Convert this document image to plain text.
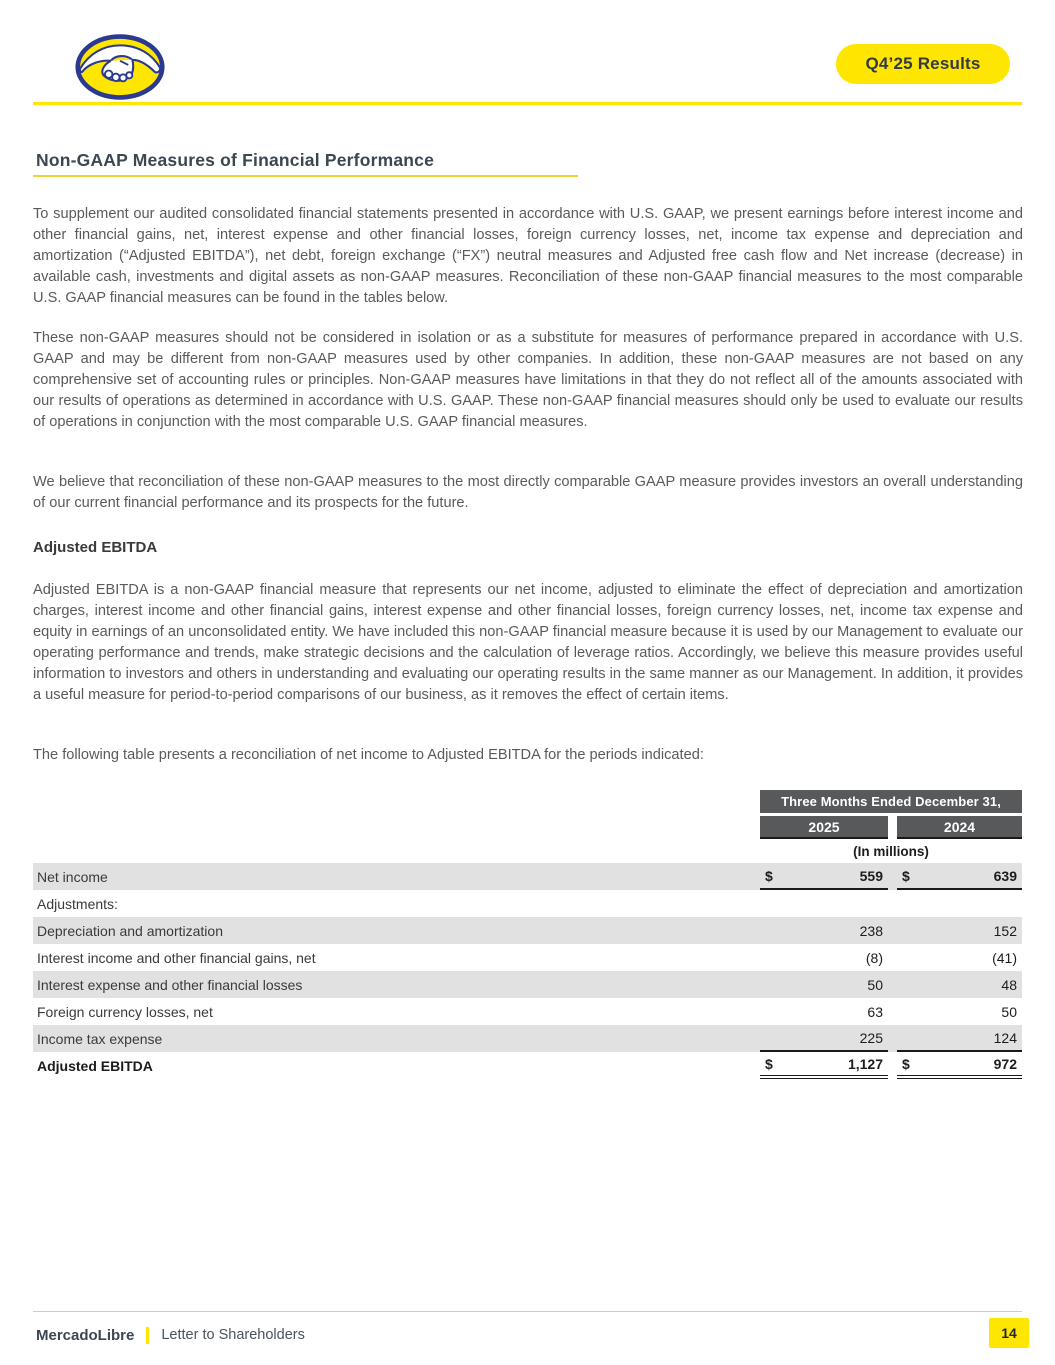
Q4’25 Results
Non-GAAP Measures of Financial Performance

To supplement our audited consolidated financial statements presented in accordance with U.S. GAAP, we present earnings before interest income and other financial gains, net, interest expense and other financial losses, foreign currency losses, net, income tax expense and depreciation and amortization (“Adjusted EBITDA”), net debt, foreign exchange (“FX”) neutral measures and Adjusted free cash flow and Net increase (decrease) in available cash, investments and digital assets as non-GAAP measures. Reconciliation of these non-GAAP financial measures to the most comparable U.S. GAAP financial measures can be found in the tables below.

These non-GAAP measures should not be considered in isolation or as a substitute for measures of performance prepared in accordance with U.S. GAAP and may be different from non-GAAP measures used by other companies. In addition, these non-GAAP measures are not based on any comprehensive set of accounting rules or principles. Non-GAAP measures have limitations in that they do not reflect all of the amounts associated with our results of operations as determined in accordance with U.S. GAAP. These non-GAAP financial measures should only be used to evaluate our results of operations in conjunction with the most comparable U.S. GAAP financial measures.

We believe that reconciliation of these non-GAAP measures to the most directly comparable GAAP measure provides investors an overall understanding of our current financial performance and its prospects for the future.

Adjusted EBITDA

Adjusted EBITDA is a non-GAAP financial measure that represents our net income, adjusted to eliminate the effect of depreciation and amortization charges, interest income and other financial gains, interest expense and other financial losses, foreign currency losses, net, income tax expense and equity in earnings of an unconsolidated entity. We have included this non-GAAP financial measure because it is used by our Management to evaluate our operating performance and trends, make strategic decisions and the calculation of leverage ratios. Accordingly, we believe this measure provides useful information to investors and others in understanding and evaluating our operating results in the same manner as our Management. In addition, it provides a useful measure for period-to-period comparisons of our business, as it removes the effect of certain items.

The following table presents a reconciliation of net income to Adjusted EBITDA for the periods indicated:

Three Months Ended December 31,
2025	2024
(In millions)
Net income	$	559 $	639
Adjustments:
Depreciation and amortization	238	152
Interest income and other financial gains, net	(8)	(41)
Interest expense and other financial losses	50	48
Foreign currency losses, net	63	50
Income tax expense	225	124
Adjusted EBITDA	$	1,127 $	972
MercadoLibre Letter to Shareholders	14
